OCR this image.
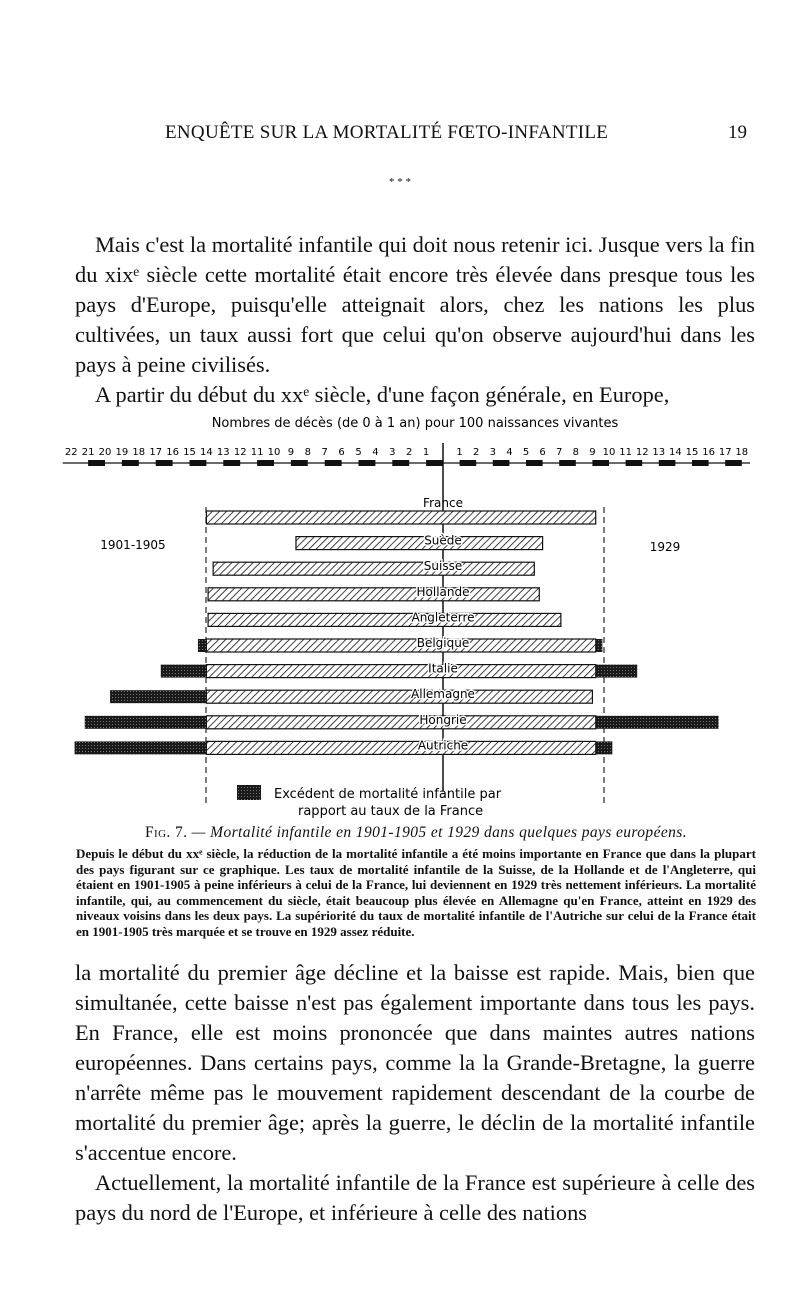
ENQUÊTE SUR LA MORTALITÉ FŒTO-INFANTILE	19
* * *

Mais c'est la mortalité infantile qui doit nous retenir ici. Jusque vers la fin du xixᵉ siècle cette mortalité était encore très élevée dans presque tous les pays d'Europe, puisqu'elle atteignait alors, chez les nations les plus cultivées, un taux aussi fort que celui qu'on observe aujourd'hui dans les pays à peine civilisés.

A partir du début du xxᵉ siècle, d'une façon générale, en Europe,

Nombres de décès (de 0 à 1 an) pour 100 naissances vivantes
22 21 20 19 18 17 16 15 14 13 12 11 10 9 8 7 6 5 4 3 2 1	1 2 3 4 5 6 7 8 9 10 11 12 13 14 15 16 17 18
1901-1905	1929
France
Suède
Suisse
Hollande
Angleterre
Belgique
Italie
Allemagne
Hongrie
Autriche
Excédent de mortalité infantile par rapport au taux de la France

Fig. 7. — Mortalité infantile en 1901-1905 et 1929 dans quelques pays européens.

Depuis le début du xxᵉ siècle, la réduction de la mortalité infantile a été moins importante en France que dans la plupart des pays figurant sur ce graphique. Les taux de mortalité infantile de la Suisse, de la Hollande et de l'Angleterre, qui étaient en 1901-1905 à peine inférieurs à celui de la France, lui deviennent en 1929 très nettement inférieurs. La mortalité infantile, qui, au commencement du siècle, était beaucoup plus élevée en Allemagne qu'en France, atteint en 1929 des niveaux voisins dans les deux pays. La supériorité du taux de mortalité infantile de l'Autriche sur celui de la France était en 1901-1905 très marquée et se trouve en 1929 assez réduite.

la mortalité du premier âge décline et la baisse est rapide. Mais, bien que simultanée, cette baisse n'est pas également importante dans tous les pays. En France, elle est moins prononcée que dans maintes autres nations européennes. Dans certains pays, comme la la Grande-Bretagne, la guerre n'arrête même pas le mouvement rapidement descendant de la courbe de mortalité du premier âge; après la guerre, le déclin de la mortalité infantile s'accentue encore.

Actuellement, la mortalité infantile de la France est supérieure à celle des pays du nord de l'Europe, et inférieure à celle des nations
